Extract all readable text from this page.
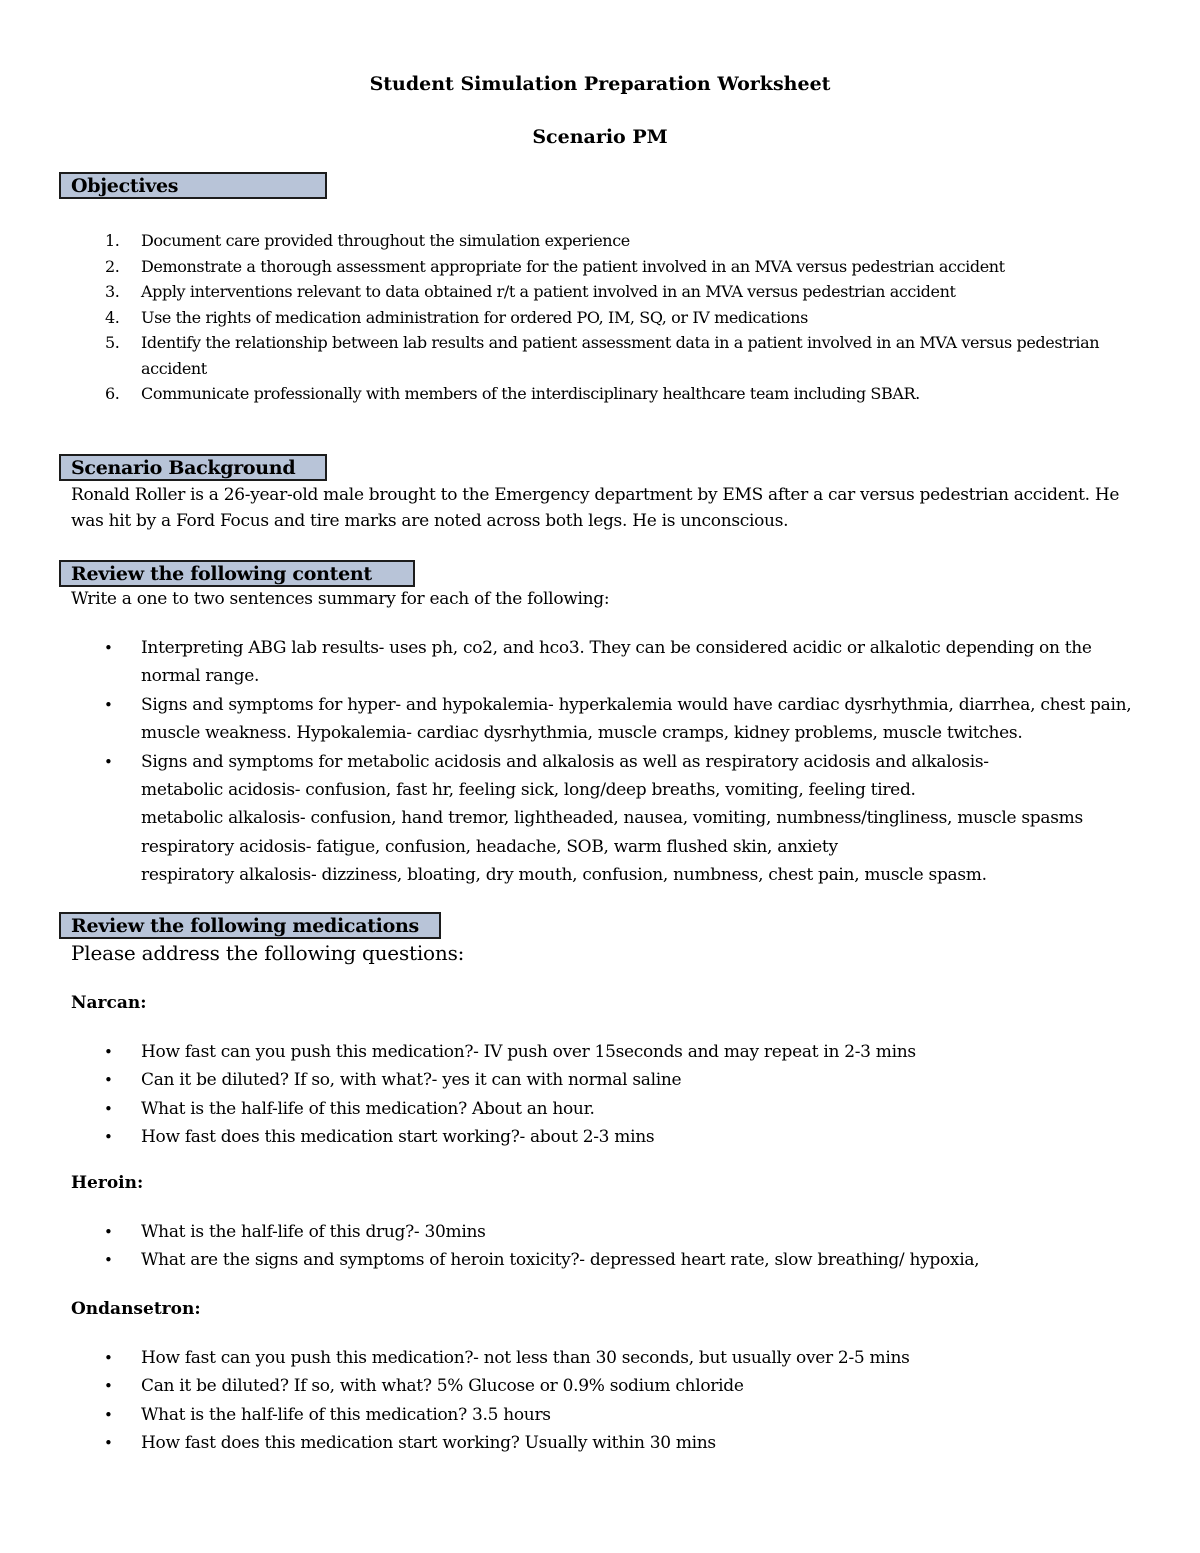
Student Simulation Preparation Worksheet
Scenario PM
Objectives
1. Document care provided throughout the simulation experience
2. Demonstrate a thorough assessment appropriate for the patient involved in an MVA versus pedestrian accident
3. Apply interventions relevant to data obtained r/t a patient involved in an MVA versus pedestrian accident
4. Use the rights of medication administration for ordered PO, IM, SQ, or IV medications
5. Identify the relationship between lab results and patient assessment data in a patient involved in an MVA versus pedestrian accident
6. Communicate professionally with members of the interdisciplinary healthcare team including SBAR.
Scenario Background
Ronald Roller is a 26-year-old male brought to the Emergency department by EMS after a car versus pedestrian accident. He was hit by a Ford Focus and tire marks are noted across both legs. He is unconscious.
Review the following content
Write a one to two sentences summary for each of the following:
• Interpreting ABG lab results- uses ph, co2, and hco3. They can be considered acidic or alkalotic depending on the normal range.
• Signs and symptoms for hyper- and hypokalemia- hyperkalemia would have cardiac dysrhythmia, diarrhea, chest pain, muscle weakness. Hypokalemia- cardiac dysrhythmia, muscle cramps, kidney problems, muscle twitches.
• Signs and symptoms for metabolic acidosis and alkalosis as well as respiratory acidosis and alkalosis-
metabolic acidosis- confusion, fast hr, feeling sick, long/deep breaths, vomiting, feeling tired.
metabolic alkalosis- confusion, hand tremor, lightheaded, nausea, vomiting, numbness/tingliness, muscle spasms
respiratory acidosis- fatigue, confusion, headache, SOB, warm flushed skin, anxiety
respiratory alkalosis- dizziness, bloating, dry mouth, confusion, numbness, chest pain, muscle spasm.
Review the following medications
Please address the following questions:
Narcan:
• How fast can you push this medication?- IV push over 15seconds and may repeat in 2-3 mins
• Can it be diluted? If so, with what?- yes it can with normal saline
• What is the half-life of this medication? About an hour.
• How fast does this medication start working?- about 2-3 mins
Heroin:
• What is the half-life of this drug?- 30mins
• What are the signs and symptoms of heroin toxicity?- depressed heart rate, slow breathing/ hypoxia,
Ondansetron:
• How fast can you push this medication?- not less than 30 seconds, but usually over 2-5 mins
• Can it be diluted? If so, with what? 5% Glucose or 0.9% sodium chloride
• What is the half-life of this medication? 3.5 hours
• How fast does this medication start working? Usually within 30 mins
